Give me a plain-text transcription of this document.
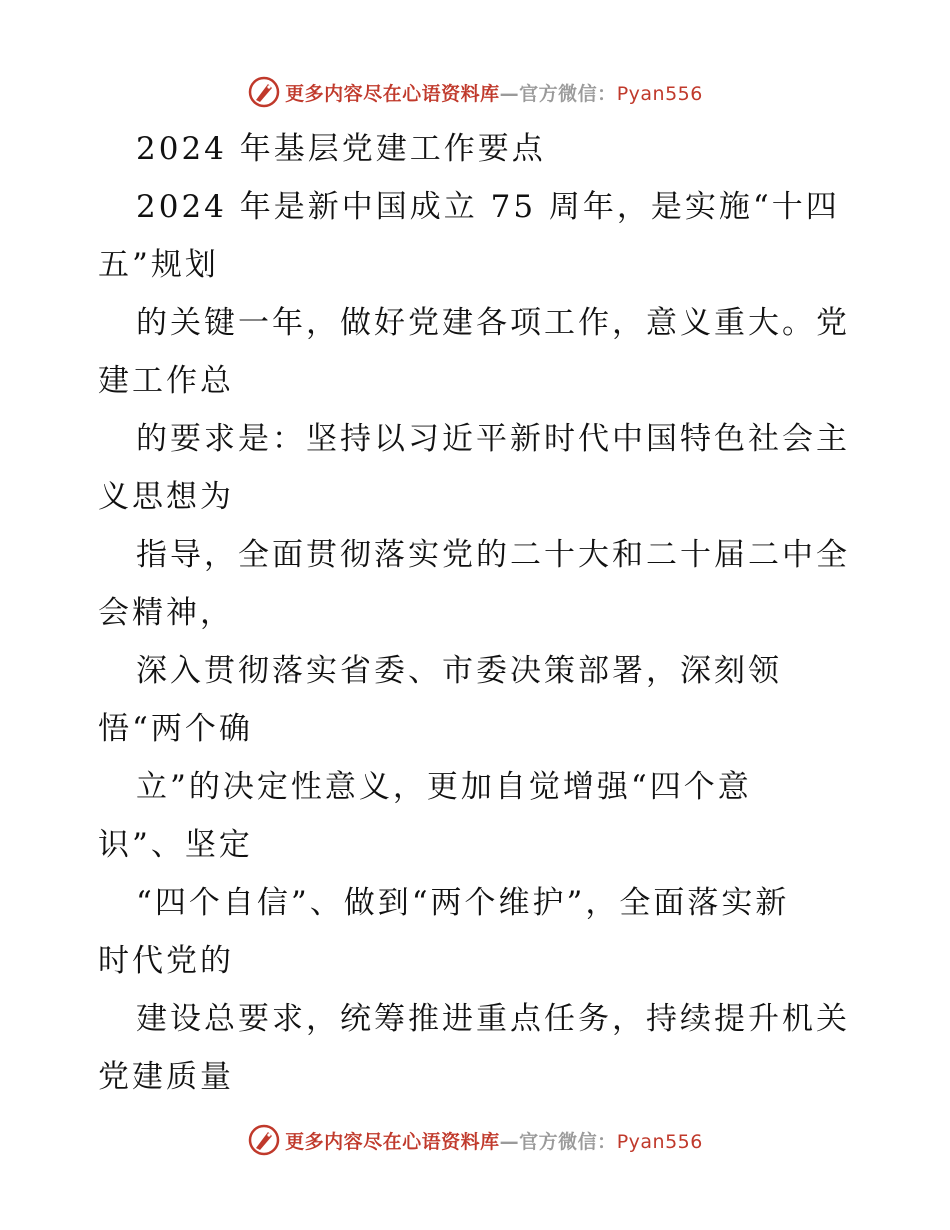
更多内容尽在心语资料库—官方微信：Pyan556
2024 年基层党建工作要点
2024 年是新中国成立 75 周年，是实施“十四
五”规划
的关键一年，做好党建各项工作，意义重大。党
建工作总
的要求是：坚持以习近平新时代中国特色社会主
义思想为
指导，全面贯彻落实党的二十大和二十届二中全
会精神，
深入贯彻落实省委、市委决策部署，深刻领
悟“两个确
立”的决定性意义，更加自觉增强“四个意
识”、坚定
“四个自信”、做到“两个维护”，全面落实新
时代党的
建设总要求，统筹推进重点任务，持续提升机关
党建质量
更多内容尽在心语资料库—官方微信：Pyan556
